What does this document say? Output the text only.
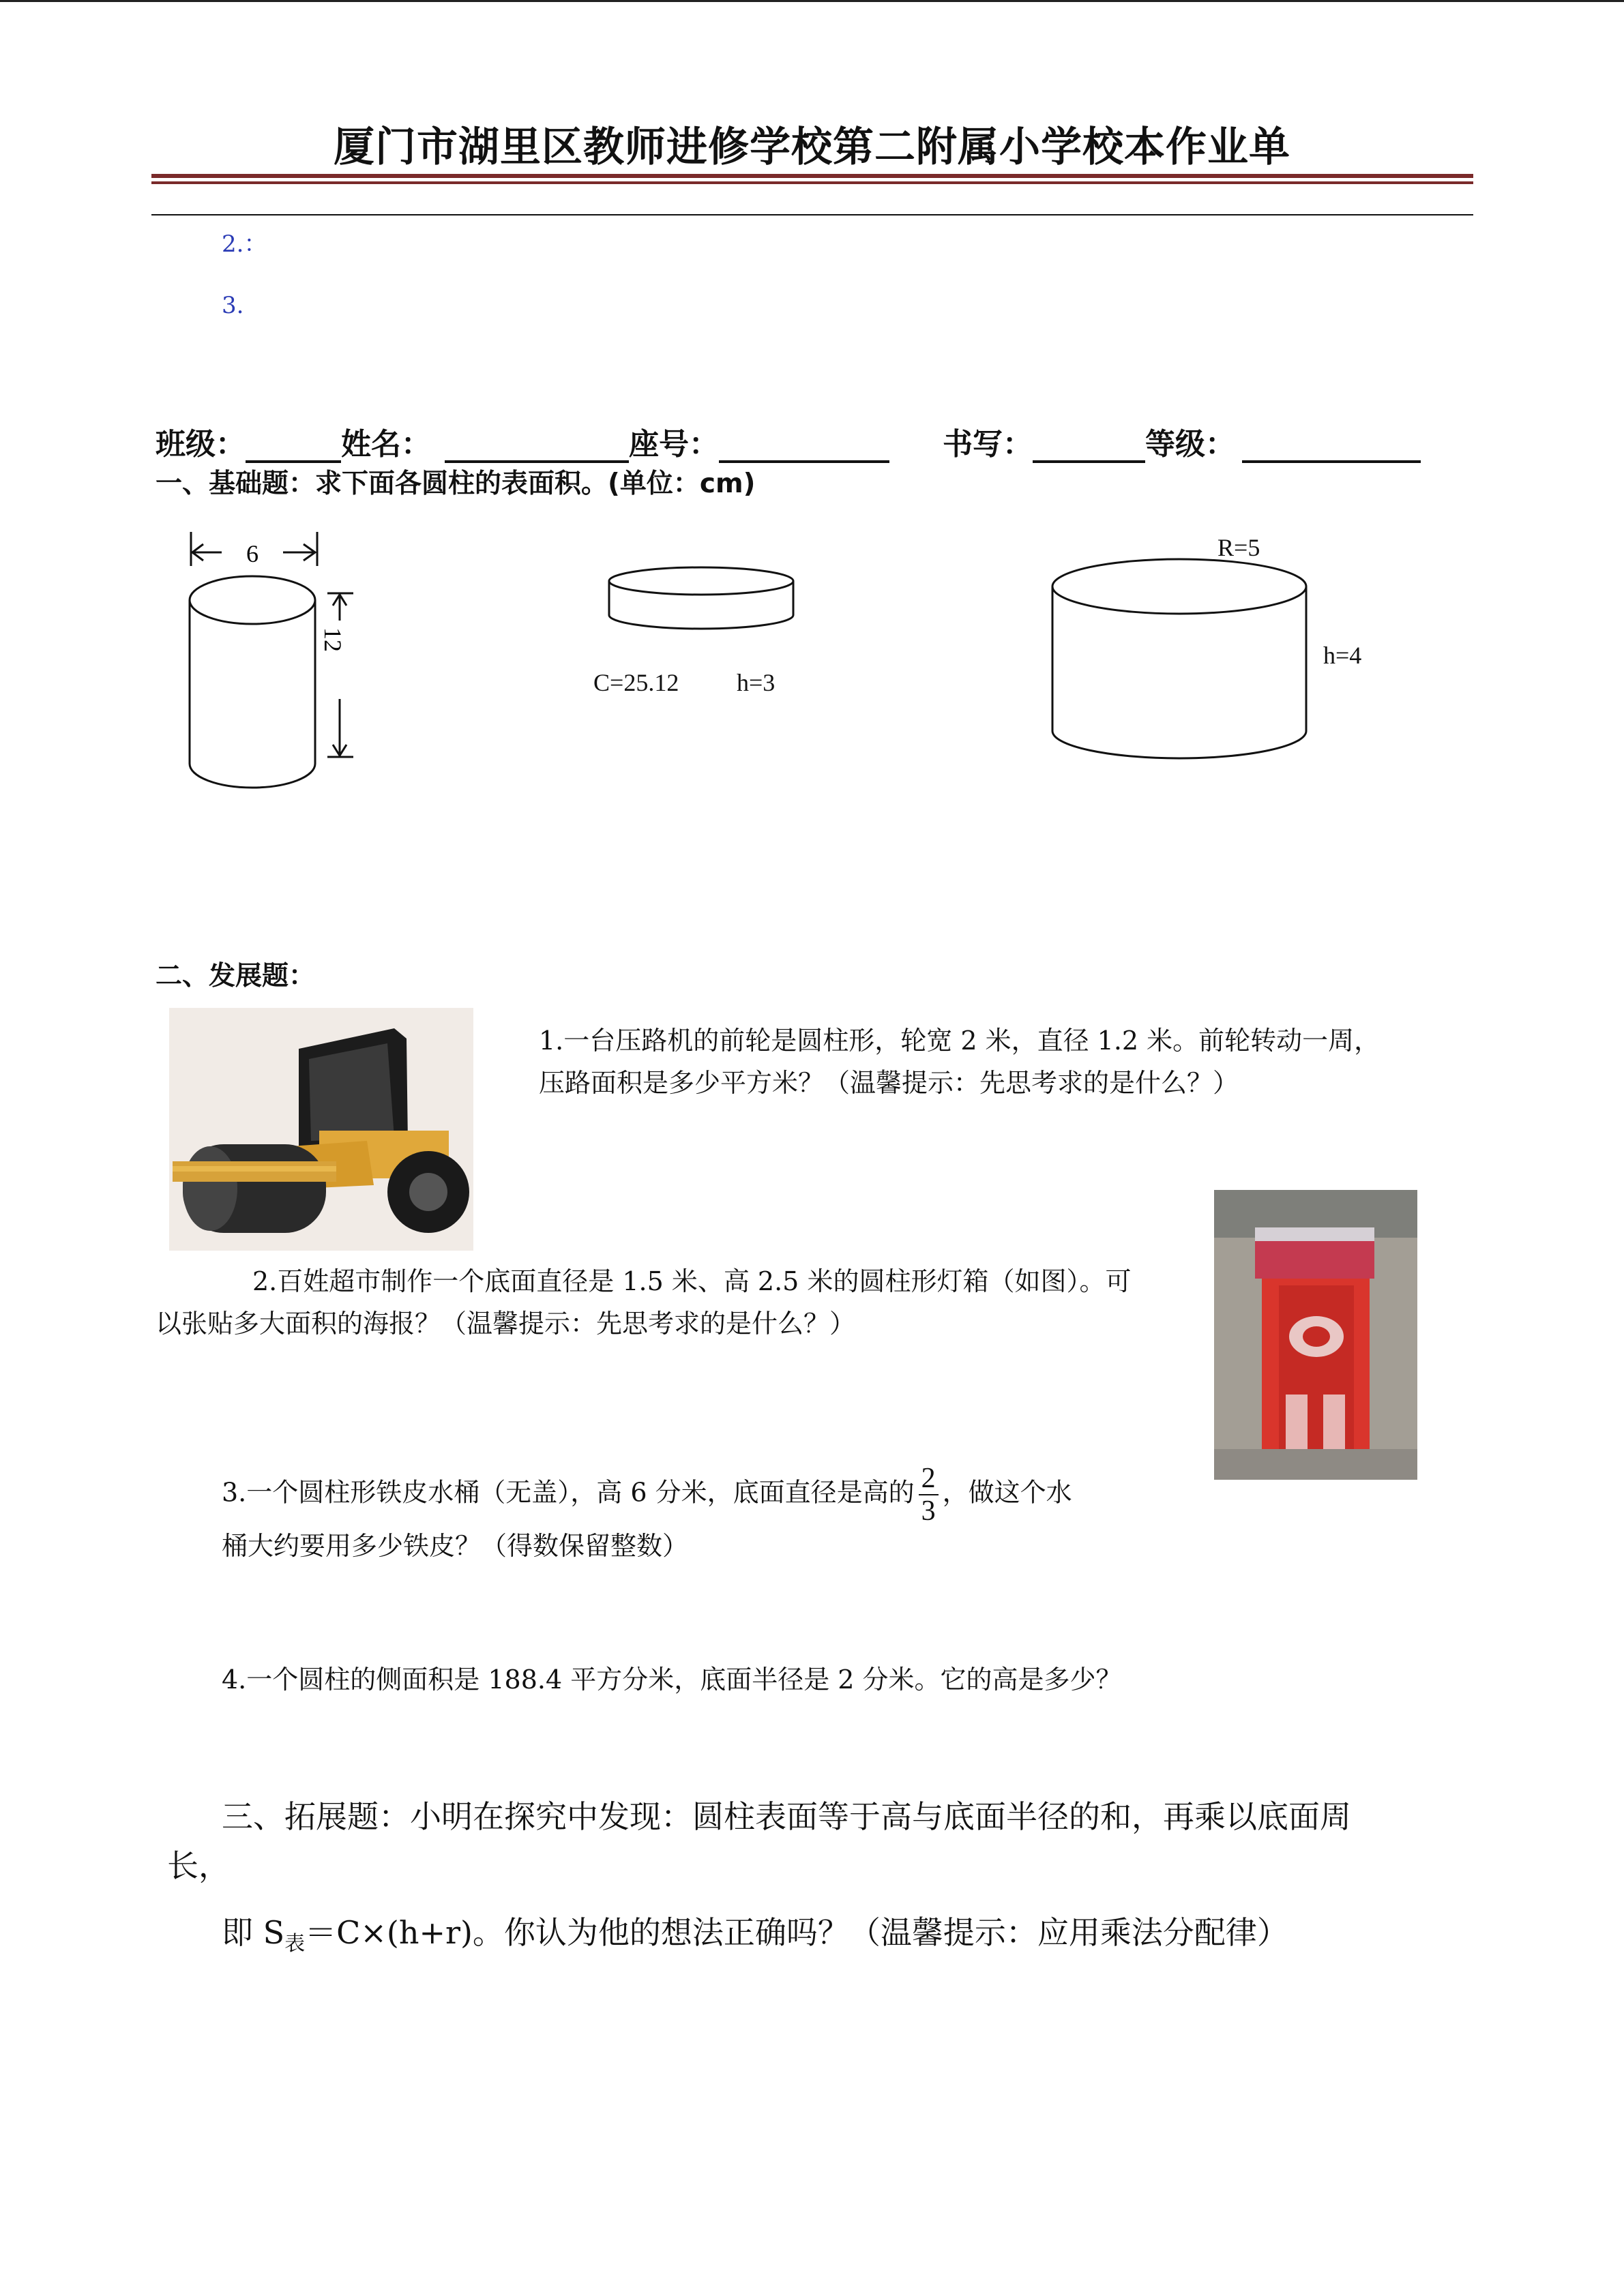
厦门市湖里区教师进修学校第二附属小学校本作业单
2.：
3.
班级：	姓名：	座号：	书写：	等级：
一、基础题：求下面各圆柱的表面积。(单位：cm)
6
12
C=25.12 h=3
R=5
h=4
二、发展题：
1.一台压路机的前轮是圆柱形，轮宽 2 米，直径 1.2 米。前轮转动一周，压路面积是多少平方米？（温馨提示：先思考求的是什么？）
2.百姓超市制作一个底面直径是 1.5 米、高 2.5 米的圆柱形灯箱（如图）。可以张贴多大面积的海报？（温馨提示：先思考求的是什么？）
3.一个圆柱形铁皮水桶（无盖），高 6 分米，底面直径是高的 $\frac{2}{3}$ ，做这个水
桶大约要用多少铁皮？（得数保留整数）
4.一个圆柱的侧面积是 188.4 平方分米，底面半径是 2 分米。它的高是多少？
三、拓展题：小明在探究中发现：圆柱表面等于高与底面半径的和，再乘以底面周
长，
即 $S_表=C\times(h+r)$。你认为他的想法正确吗？（温馨提示：应用乘法分配律）
